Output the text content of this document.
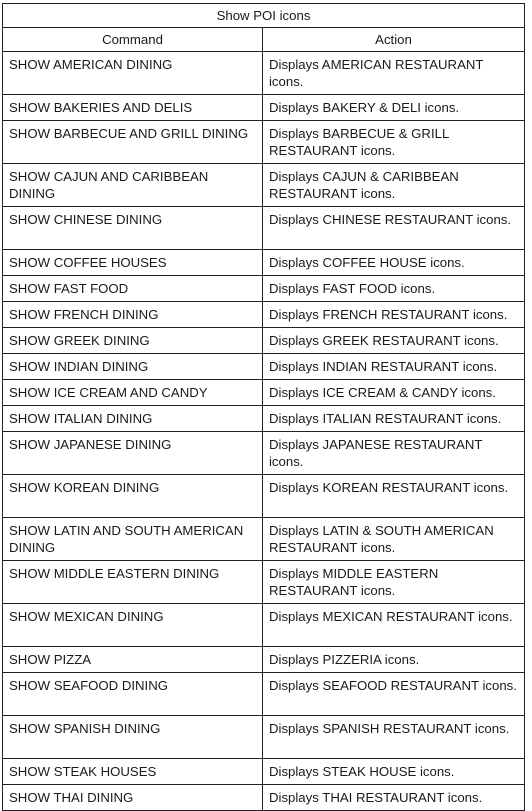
Show POI icons	
Command	Action
SHOW AMERICAN DINING	Displays AMERICAN RESTAURANT icons.
SHOW BAKERIES AND DELIS	Displays BAKERY & DELI icons.
SHOW BARBECUE AND GRILL DINING	Displays BARBECUE & GRILL RESTAURANT icons.
SHOW CAJUN AND CARIBBEAN DINING	Displays CAJUN & CARIBBEAN RESTAURANT icons.
SHOW CHINESE DINING	Displays CHINESE RESTAURANT icons.
SHOW COFFEE HOUSES	Displays COFFEE HOUSE icons.
SHOW FAST FOOD	Displays FAST FOOD icons.
SHOW FRENCH DINING	Displays FRENCH RESTAURANT icons.
SHOW GREEK DINING	Displays GREEK RESTAURANT icons.
SHOW INDIAN DINING	Displays INDIAN RESTAURANT icons.
SHOW ICE CREAM AND CANDY	Displays ICE CREAM & CANDY icons.
SHOW ITALIAN DINING	Displays ITALIAN RESTAURANT icons.
SHOW JAPANESE DINING	Displays JAPANESE RESTAURANT icons.
SHOW KOREAN DINING	Displays KOREAN RESTAURANT icons.
SHOW LATIN AND SOUTH AMERICAN DINING	Displays LATIN & SOUTH AMERICAN RESTAURANT icons.
SHOW MIDDLE EASTERN DINING	Displays MIDDLE EASTERN RESTAURANT icons.
SHOW MEXICAN DINING	Displays MEXICAN RESTAURANT icons.
SHOW PIZZA	Displays PIZZERIA icons.
SHOW SEAFOOD DINING	Displays SEAFOOD RESTAURANT icons.
SHOW SPANISH DINING	Displays SPANISH RESTAURANT icons.
SHOW STEAK HOUSES	Displays STEAK HOUSE icons.
SHOW THAI DINING	Displays THAI RESTAURANT icons.
